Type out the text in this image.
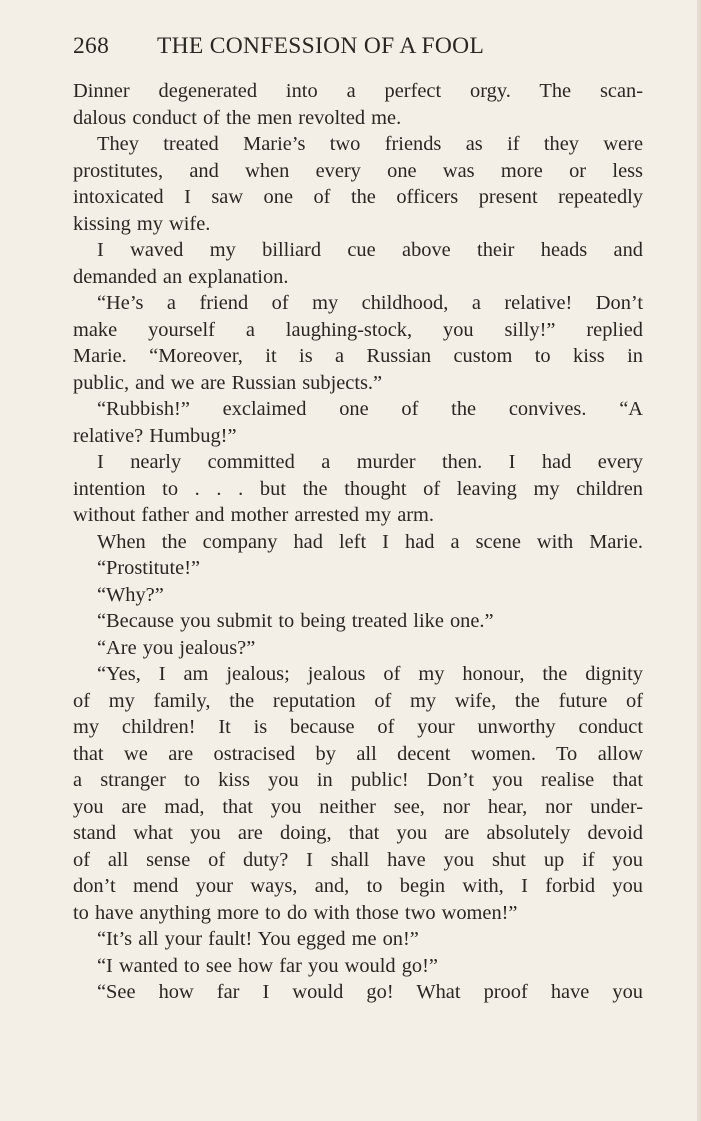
268 THE CONFESSION OF A FOOL
Dinner degenerated into a perfect orgy. The scan-
dalous conduct of the men revolted me.
They treated Marie’s two friends as if they were
prostitutes, and when every one was more or less
intoxicated I saw one of the officers present repeatedly
kissing my wife.
I waved my billiard cue above their heads and
demanded an explanation.
“He’s a friend of my childhood, a relative! Don’t
make yourself a laughing-stock, you silly!” replied
Marie. “Moreover, it is a Russian custom to kiss in
public, and we are Russian subjects.”
“Rubbish!” exclaimed one of the convives. “A
relative? Humbug!”
I nearly committed a murder then. I had every
intention to . . . but the thought of leaving my children
without father and mother arrested my arm.
When the company had left I had a scene with Marie.
“Prostitute!”
“Why?”
“Because you submit to being treated like one.”
“Are you jealous?”
“Yes, I am jealous; jealous of my honour, the dignity
of my family, the reputation of my wife, the future of
my children! It is because of your unworthy conduct
that we are ostracised by all decent women. To allow
a stranger to kiss you in public! Don’t you realise that
you are mad, that you neither see, nor hear, nor under-
stand what you are doing, that you are absolutely devoid
of all sense of duty? I shall have you shut up if you
don’t mend your ways, and, to begin with, I forbid you
to have anything more to do with those two women!”
“It’s all your fault! You egged me on!”
“I wanted to see how far you would go!”
“See how far I would go! What proof have you
